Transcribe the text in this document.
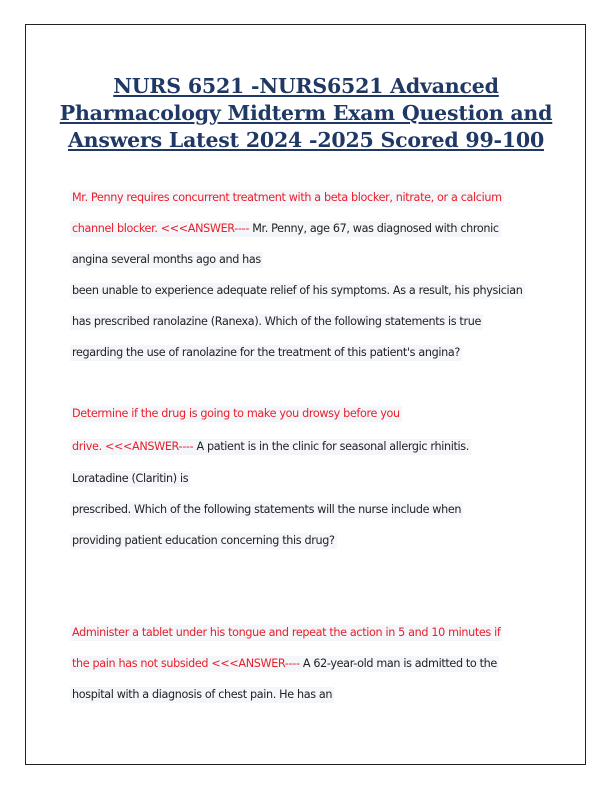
NURS 6521 -NURS6521 Advanced
Pharmacology Midterm Exam Question and
Answers Latest 2024 -2025 Scored 99-100
Mr. Penny requires concurrent treatment with a beta blocker, nitrate, or a calcium
channel blocker. <<<ANSWER---- Mr. Penny, age 67, was diagnosed with chronic
angina several months ago and has
been unable to experience adequate relief of his symptoms. As a result, his physician
has prescribed ranolazine (Ranexa). Which of the following statements is true
regarding the use of ranolazine for the treatment of this patient's angina?
Determine if the drug is going to make you drowsy before you
drive. <<<ANSWER---- A patient is in the clinic for seasonal allergic rhinitis.
Loratadine (Claritin) is
prescribed. Which of the following statements will the nurse include when
providing patient education concerning this drug?
Administer a tablet under his tongue and repeat the action in 5 and 10 minutes if
the pain has not subsided <<<ANSWER---- A 62-year-old man is admitted to the
hospital with a diagnosis of chest pain. He has an
